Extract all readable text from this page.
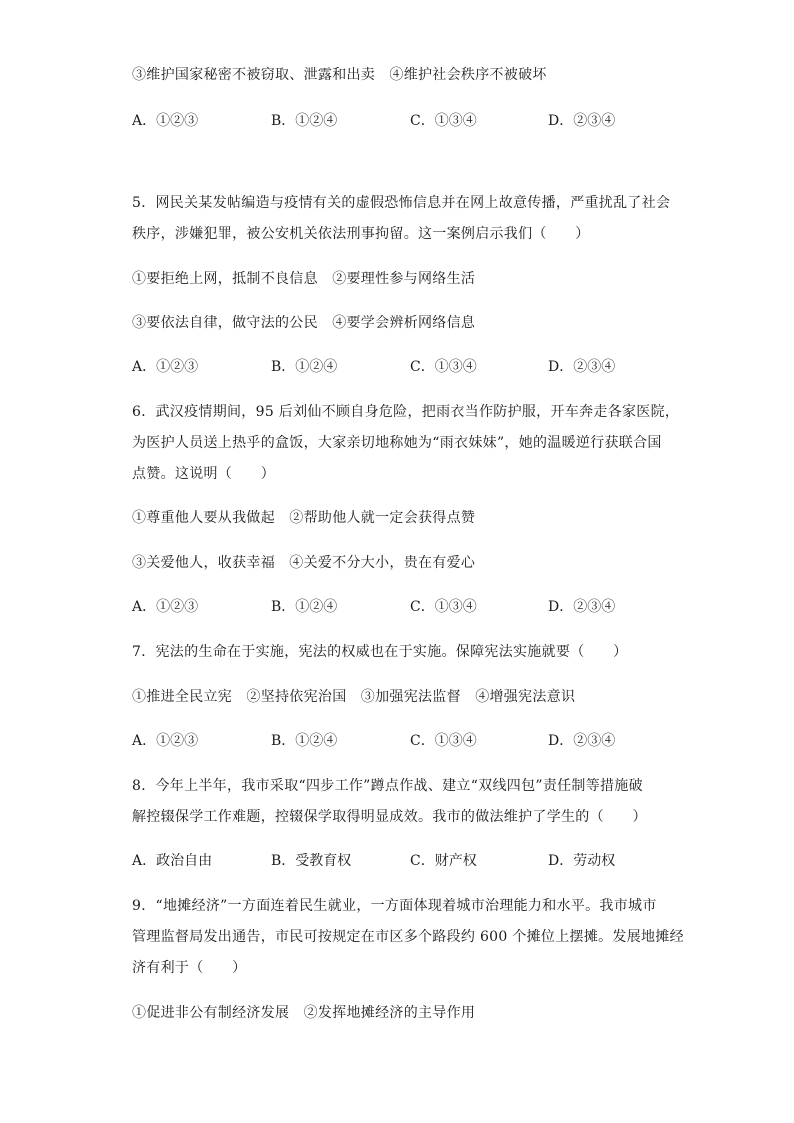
③维护国家秘密不被窃取、泄露和出卖　④维护社会秩序不被破坏
A．①②③	B．①②④	C．①③④	D．②③④
5．网民关某发帖编造与疫情有关的虚假恐怖信息并在网上故意传播，严重扰乱了社会
秩序，涉嫌犯罪，被公安机关依法刑事拘留。这一案例启示我们（　　）
①要拒绝上网，抵制不良信息　②要理性参与网络生活
③要依法自律，做守法的公民　④要学会辨析网络信息
A．①②③	B．①②④	C．①③④	D．②③④
6．武汉疫情期间，95 后刘仙不顾自身危险，把雨衣当作防护服，开车奔走各家医院，
为医护人员送上热乎的盒饭，大家亲切地称她为“雨衣妹妹”，她的温暖逆行获联合国
点赞。这说明（　　）
①尊重他人要从我做起　②帮助他人就一定会获得点赞
③关爱他人，收获幸福　④关爱不分大小，贵在有爱心
A．①②③	B．①②④	C．①③④	D．②③④
7．宪法的生命在于实施，宪法的权威也在于实施。保障宪法实施就要（　　）
①推进全民立宪　②坚持依宪治国　③加强宪法监督　④增强宪法意识
A．①②③	B．①②④	C．①③④	D．②③④
8．今年上半年，我市采取“四步工作”蹲点作战、建立“双线四包”责任制等措施破
解控辍保学工作难题，控辍保学取得明显成效。我市的做法维护了学生的（　　）
A．政治自由	B．受教育权	C．财产权	D．劳动权
9．“地摊经济”一方面连着民生就业，一方面体现着城市治理能力和水平。我市城市
管理监督局发出通告，市民可按规定在市区多个路段约 600 个摊位上摆摊。发展地摊经
济有利于（　　）
①促进非公有制经济发展　②发挥地摊经济的主导作用
